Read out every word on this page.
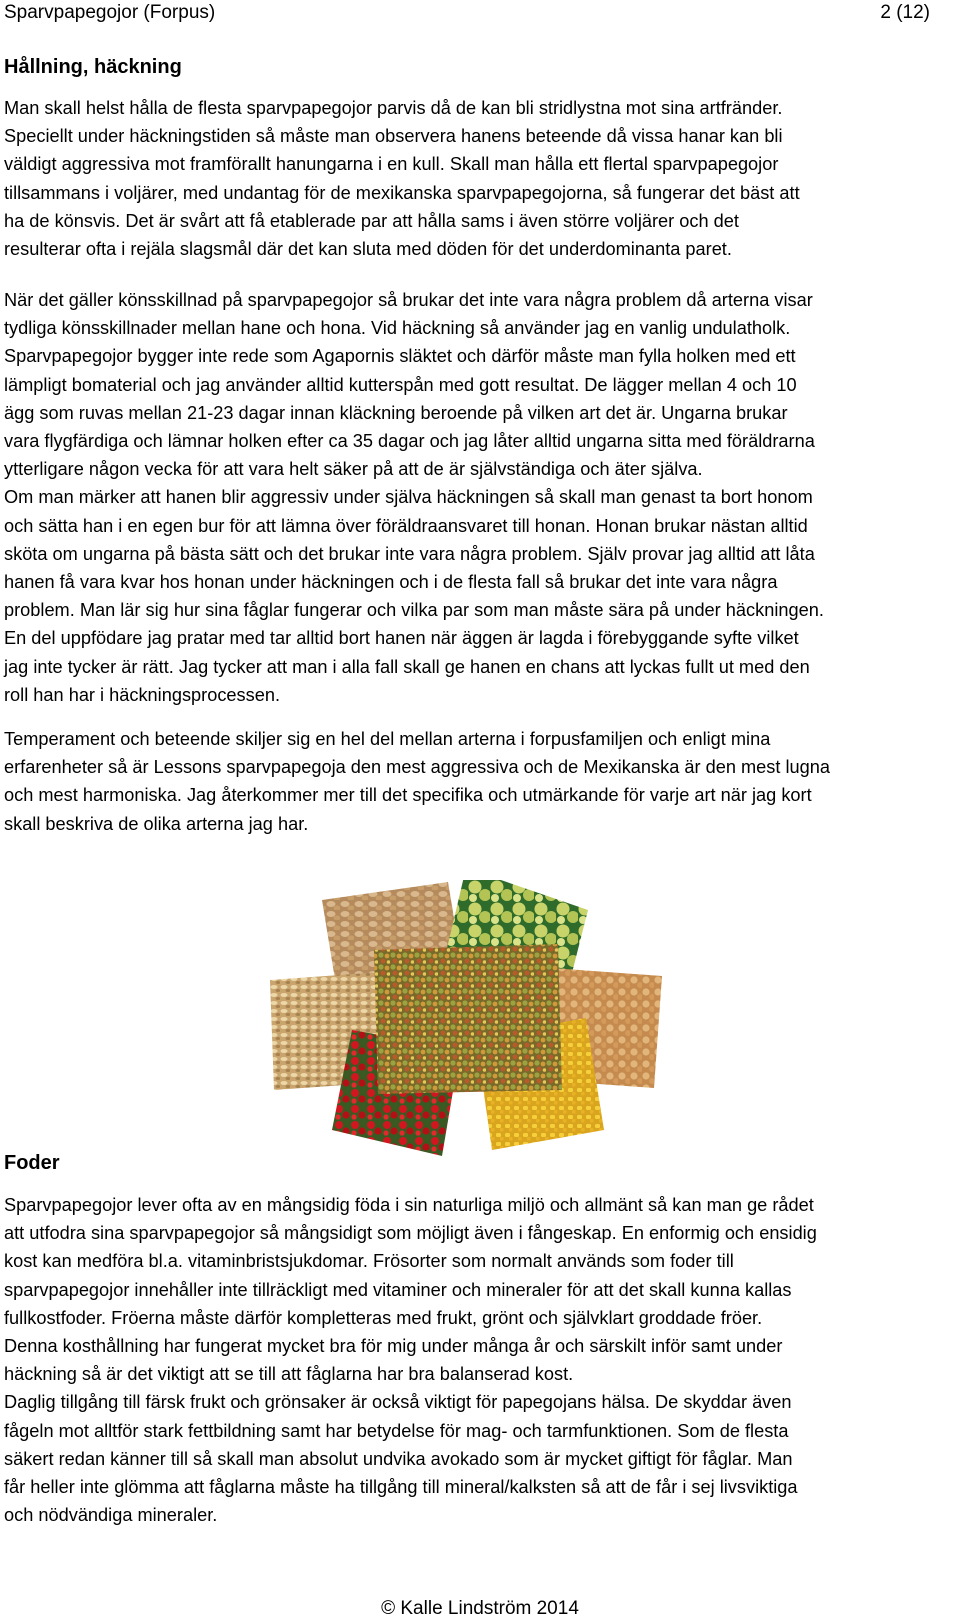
Sparvpapegojor (Forpus)	2 (12)
Hållning, häckning

Man skall helst hålla de flesta sparvpapegojor parvis då de kan bli stridlystna mot sina artfränder.
Speciellt under häckningstiden så måste man observera hanens beteende då vissa hanar kan bli
väldigt aggressiva mot framförallt hanungarna i en kull. Skall man hålla ett flertal sparvpapegojor
tillsammans i voljärer, med undantag för de mexikanska sparvpapegojorna, så fungerar det bäst att
ha de könsvis. Det är svårt att få etablerade par att hålla sams i även större voljärer och det
resulterar ofta i rejäla slagsmål där det kan sluta med döden för det underdominanta paret.

När det gäller könsskillnad på sparvpapegojor så brukar det inte vara några problem då arterna visar
tydliga könsskillnader mellan hane och hona. Vid häckning så använder jag en vanlig undulatholk.
Sparvpapegojor bygger inte rede som Agapornis släktet och därför måste man fylla holken med ett
lämpligt bomaterial och jag använder alltid kutterspån med gott resultat. De lägger mellan 4 och 10
ägg som ruvas mellan 21-23 dagar innan kläckning beroende på vilken art det är. Ungarna brukar
vara flygfärdiga och lämnar holken efter ca 35 dagar och jag låter alltid ungarna sitta med föräldrarna
ytterligare någon vecka för att vara helt säker på att de är självständiga och äter själva.
Om man märker att hanen blir aggressiv under själva häckningen så skall man genast ta bort honom
och sätta han i en egen bur för att lämna över föräldraansvaret till honan. Honan brukar nästan alltid
sköta om ungarna på bästa sätt och det brukar inte vara några problem. Själv provar jag alltid att låta
hanen få vara kvar hos honan under häckningen och i de flesta fall så brukar det inte vara några
problem. Man lär sig hur sina fåglar fungerar och vilka par som man måste sära på under häckningen.
En del uppfödare jag pratar med tar alltid bort hanen när äggen är lagda i förebyggande syfte vilket
jag inte tycker är rätt. Jag tycker att man i alla fall skall ge hanen en chans att lyckas fullt ut med den
roll han har i häckningsprocessen.

Temperament och beteende skiljer sig en hel del mellan arterna i forpusfamiljen och enligt mina
erfarenheter så är Lessons sparvpapegoja den mest aggressiva och de Mexikanska är den mest lugna
och mest harmoniska. Jag återkommer mer till det specifika och utmärkande för varje art när jag kort
skall beskriva de olika arterna jag har.

Foder

Sparvpapegojor lever ofta av en mångsidig föda i sin naturliga miljö och allmänt så kan man ge rådet
att utfodra sina sparvpapegojor så mångsidigt som möjligt även i fångeskap. En enformig och ensidig
kost kan medföra bl.a. vitaminbristsjukdomar. Frösorter som normalt används som foder till
sparvpapegojor innehåller inte tillräckligt med vitaminer och mineraler för att det skall kunna kallas
fullkostfoder. Fröerna måste därför kompletteras med frukt, grönt och självklart groddade fröer.
Denna kosthållning har fungerat mycket bra för mig under många år och särskilt inför samt under
häckning så är det viktigt att se till att fåglarna har bra balanserad kost.
Daglig tillgång till färsk frukt och grönsaker är också viktigt för papegojans hälsa. De skyddar även
fågeln mot alltför stark fettbildning samt har betydelse för mag- och tarmfunktionen. Som de flesta
säkert redan känner till så skall man absolut undvika avokado som är mycket giftigt för fåglar. Man
får heller inte glömma att fåglarna måste ha tillgång till mineral/kalksten så att de får i sej livsviktiga
och nödvändiga mineraler.

© Kalle Lindström 2014
